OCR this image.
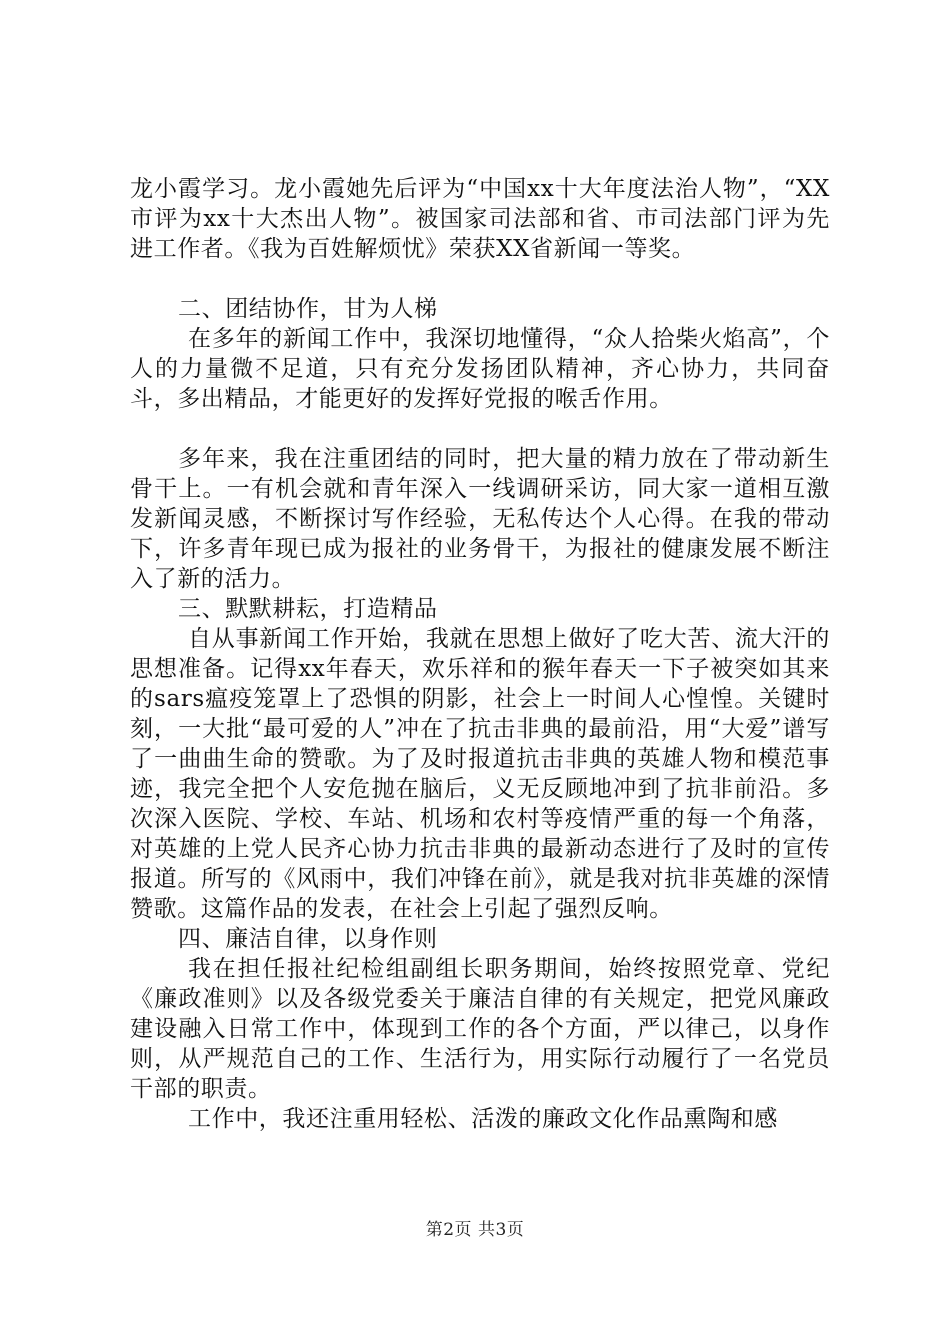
龙小霞学习。龙小霞她先后评为“中国xx十大年度法治人物”，“XX市评为xx十大杰出人物”。被国家司法部和省、市司法部门评为先进工作者。《我为百姓解烦忧》荣获XX省新闻一等奖。

二、团结协作，甘为人梯

在多年的新闻工作中，我深切地懂得，“众人拾柴火焰高”，个人的力量微不足道，只有充分发扬团队精神，齐心协力，共同奋斗，多出精品，才能更好的发挥好党报的喉舌作用。

多年来，我在注重团结的同时，把大量的精力放在了带动新生骨干上。一有机会就和青年深入一线调研采访，同大家一道相互激发新闻灵感，不断探讨写作经验，无私传达个人心得。在我的带动下，许多青年现已成为报社的业务骨干，为报社的健康发展不断注入了新的活力。

三、默默耕耘，打造精品

自从事新闻工作开始，我就在思想上做好了吃大苦、流大汗的思想准备。记得xx年春天，欢乐祥和的猴年春天一下子被突如其来的sars瘟疫笼罩上了恐惧的阴影，社会上一时间人心惶惶。关键时刻，一大批“最可爱的人”冲在了抗击非典的最前沿，用“大爱”谱写了一曲曲生命的赞歌。为了及时报道抗击非典的英雄人物和模范事迹，我完全把个人安危抛在脑后，义无反顾地冲到了抗非前沿。多次深入医院、学校、车站、机场和农村等疫情严重的每一个角落，对英雄的上党人民齐心协力抗击非典的最新动态进行了及时的宣传报道。所写的《风雨中，我们冲锋在前》，就是我对抗非英雄的深情赞歌。这篇作品的发表，在社会上引起了强烈反响。

四、廉洁自律，以身作则

我在担任报社纪检组副组长职务期间，始终按照党章、党纪《廉政准则》以及各级党委关于廉洁自律的有关规定，把党风廉政建设融入日常工作中，体现到工作的各个方面，严以律己，以身作则，从严规范自己的工作、生活行为，用实际行动履行了一名党员干部的职责。

工作中，我还注重用轻松、活泼的廉政文化作品熏陶和感

第2页 共3页
